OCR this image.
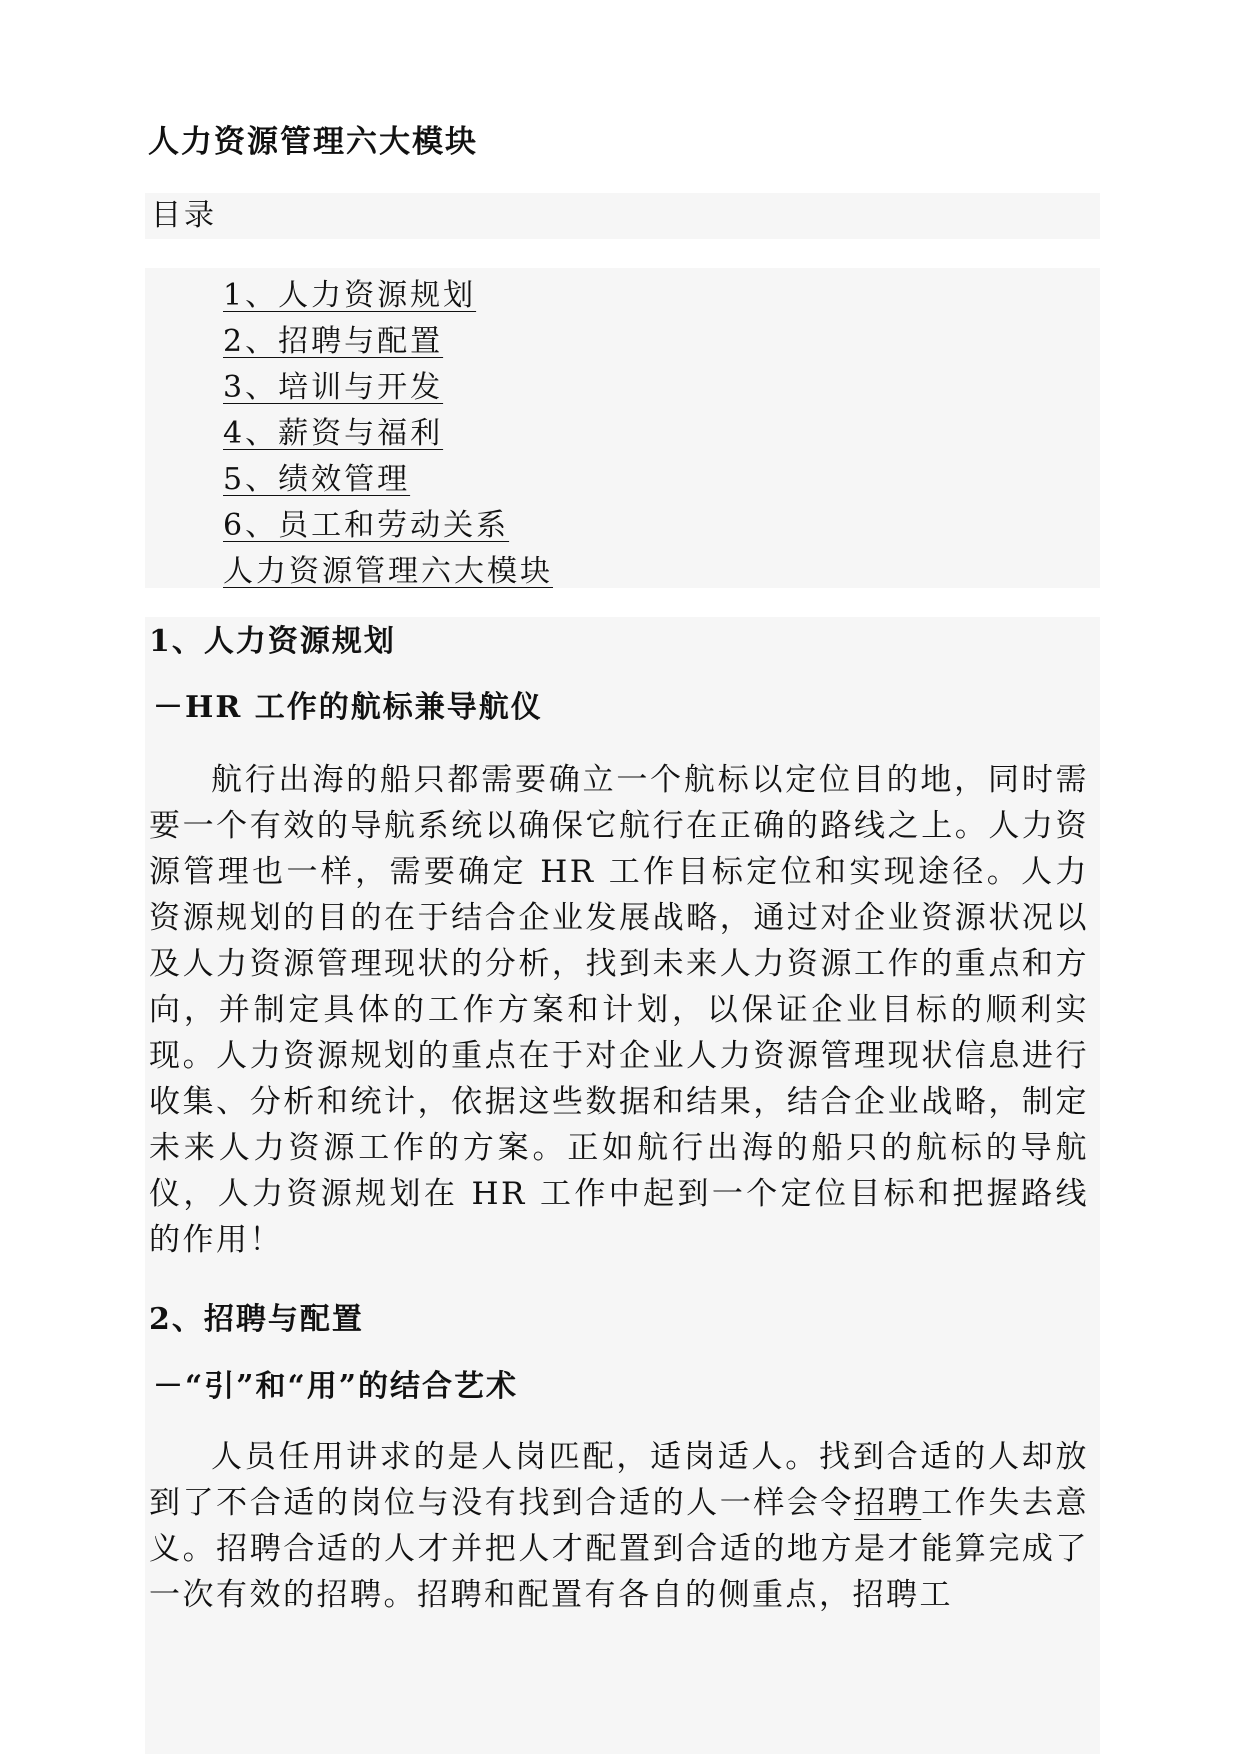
人力资源管理六大模块
目录
1、人力资源规划
2、招聘与配置
3、培训与开发
4、薪资与福利
5、绩效管理
6、员工和劳动关系
人力资源管理六大模块
1、人力资源规划
－HR 工作的航标兼导航仪

航行出海的船只都需要确立一个航标以定位目的地，同时需要一个有效的导航系统以确保它航行在正确的路线之上。人力资源管理也一样，需要确定 HR 工作目标定位和实现途径。人力资源规划的目的在于结合企业发展战略，通过对企业资源状况以及人力资源管理现状的分析，找到未来人力资源工作的重点和方向，并制定具体的工作方案和计划，以保证企业目标的顺利实现。人力资源规划的重点在于对企业人力资源管理现状信息进行收集、分析和统计，依据这些数据和结果，结合企业战略，制定未来人力资源工作的方案。正如航行出海的船只的航标的导航仪，人力资源规划在 HR 工作中起到一个定位目标和把握路线的作用！

2、招聘与配置
－“引”和“用”的结合艺术

人员任用讲求的是人岗匹配，适岗适人。找到合适的人却放到了不合适的岗位与没有找到合适的人一样会令招聘工作失去意义。招聘合适的人才并把人才配置到合适的地方是才能算完成了一次有效的招聘。招聘和配置有各自的侧重点，招聘工
